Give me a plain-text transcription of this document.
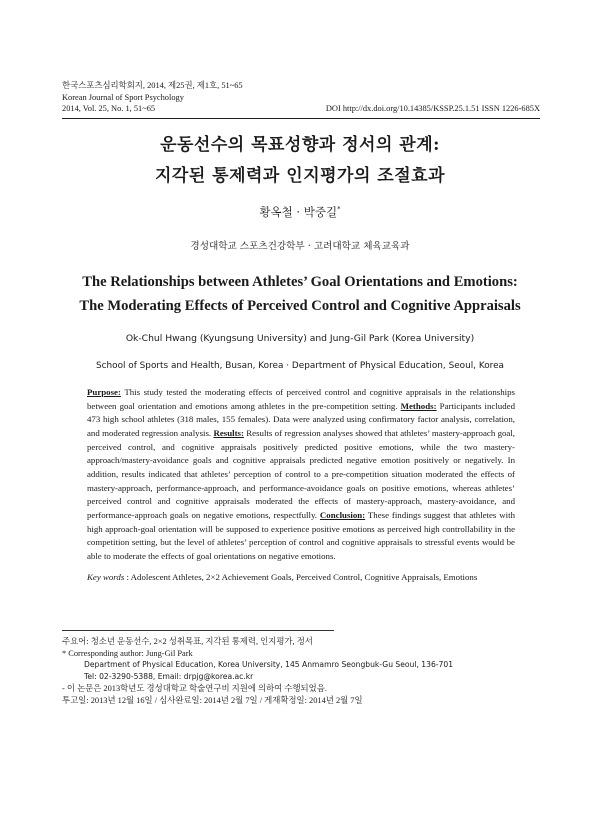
한국스포츠심리학회지, 2014, 제25권, 제1호, 51~65
Korean Journal of Sport Psychology
2014, Vol. 25, No. 1, 51~65	DOI http://dx.doi.org/10.14385/KSSP.25.1.51 ISSN 1226-685X
운동선수의 목표성향과 정서의 관계:
지각된 통제력과 인지평가의 조절효과
황옥철 · 박중길*
경성대학교 스포츠건강학부 · 고려대학교 체육교육과
The Relationships between Athletes’ Goal Orientations and Emotions:
The Moderating Effects of Perceived Control and Cognitive Appraisals
Ok-Chul Hwang (Kyungsung University) and Jung-Gil Park (Korea University)
School of Sports and Health, Busan, Korea · Department of Physical Education, Seoul, Korea
Purpose: This study tested the moderating effects of perceived control and cognitive appraisals in the relationships between goal orientation and emotions among athletes in the pre-competition setting. Methods: Participants included 473 high school athletes (318 males, 155 females). Data were analyzed using confirmatory factor analysis, correlation, and moderated regression analysis. Results: Results of regression analyses showed that athletes’ mastery-approach goal, perceived control, and cognitive appraisals positively predicted positive emotions, while the two mastery-approach/mastery-avoidance goals and cognitive appraisals predicted negative emotion positively or negatively. In addition, results indicated that athletes’ perception of control to a pre-competition situation moderated the effects of mastery-approach, performance-approach, and performance-avoidance goals on positive emotions, whereas athletes’ perceived control and cognitive appraisals moderated the effects of mastery-approach, mastery-avoidance, and performance-approach goals on negative emotions, respectfully. Conclusion: These findings suggest that athletes with high approach-goal orientation will be supposed to experience positive emotions as perceived high controllability in the competition setting, but the level of athletes’ perception of control and cognitive appraisals to stressful events would be able to moderate the effects of goal orientations on negative emotions.
Key words : Adolescent Athletes, 2×2 Achievement Goals, Perceived Control, Cognitive Appraisals, Emotions
주요어: 청소년 운동선수, 2×2 성취목표, 지각된 통제력, 인지평가, 정서
* Corresponding author: Jung-Gil Park
Department of Physical Education, Korea University, 145 Anmamro Seongbuk-Gu Seoul, 136-701
Tel: 02-3290-5388, Email: drpjg@korea.ac.kr
- 이 논문은 2013학년도 경성대학교 학술연구비 지원에 의하여 수행되었음.
투고일: 2013년 12월 16일 / 심사완료일: 2014년 2월 7일 / 게재확정일: 2014년 2월 7일
